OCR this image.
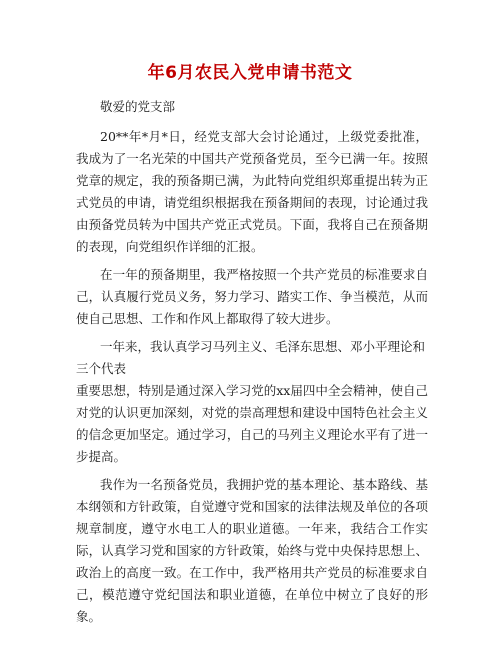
年6月农民入党申请书范文

敬爱的党支部

20**年*月*日，经党支部大会讨论通过，上级党委批准，我成为了一名光荣的中国共产党预备党员，至今已满一年。按照党章的规定，我的预备期已满，为此特向党组织郑重提出转为正式党员的申请，请党组织根据我在预备期间的表现，讨论通过我由预备党员转为中国共产党正式党员。下面，我将自己在预备期的表现，向党组织作详细的汇报。

在一年的预备期里，我严格按照一个共产党员的标准要求自己，认真履行党员义务，努力学习、踏实工作、争当模范，从而使自己思想、工作和作风上都取得了较大进步。

一年来，我认真学习马列主义、毛泽东思想、邓小平理论和

三个代表

重要思想，特别是通过深入学习党的xx届四中全会精神，使自己对党的认识更加深刻，对党的崇高理想和建设中国特色社会主义的信念更加坚定。通过学习，自己的马列主义理论水平有了进一步提高。

我作为一名预备党员，我拥护党的基本理论、基本路线、基本纲领和方针政策，自觉遵守党和国家的法律法规及单位的各项规章制度，遵守水电工人的职业道德。一年来，我结合工作实际，认真学习党和国家的方针政策，始终与党中央保持思想上、政治上的高度一致。在工作中，我严格用共产党员的标准要求自己，模范遵守党纪国法和职业道德，在单位中树立了良好的形象。
